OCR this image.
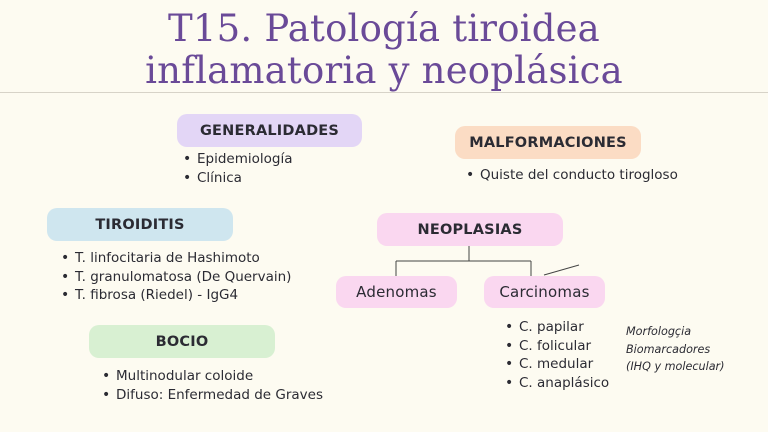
T15. Patología tiroidea
inflamatoria y neoplásica
GENERALIDADES
• Epidemiología
• Clínica
MALFORMACIONES
• Quiste del conducto tirogloso
TIROIDITIS
• T. linfocitaria de Hashimoto
• T. granulomatosa (De Quervain)
• T. fibrosa (Riedel) - IgG4
NEOPLASIAS
Adenomas	Carcinomas
• C. papilar
• C. folicular
• C. medular
• C. anaplásico
Morfologçia
Biomarcadores
(IHQ y molecular)
BOCIO
• Multinodular coloide
• Difuso: Enfermedad de Graves
